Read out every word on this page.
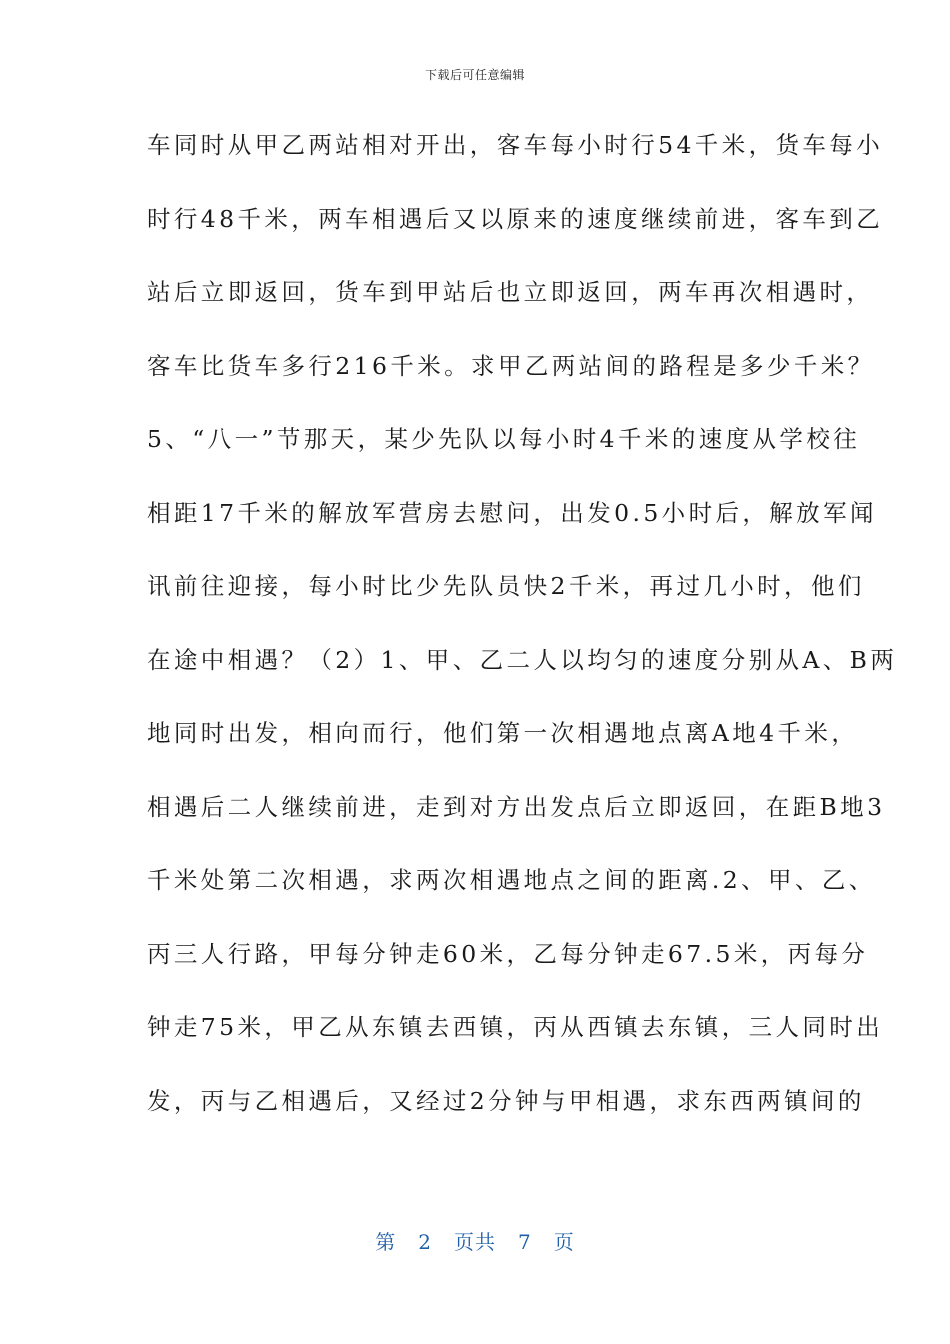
下载后可任意编辑
车同时从甲乙两站相对开出，客车每小时行54千米，货车每小
时行48千米，两车相遇后又以原来的速度继续前进，客车到乙
站后立即返回，货车到甲站后也立即返回，两车再次相遇时，
客车比货车多行216千米。求甲乙两站间的路程是多少千米？
5、“八一”节那天，某少先队以每小时4千米的速度从学校往
相距17千米的解放军营房去慰问，出发0.5小时后，解放军闻
讯前往迎接，每小时比少先队员快2千米，再过几小时，他们
在途中相遇？（2）1、甲、乙二人以均匀的速度分别从A、B两
地同时出发，相向而行，他们第一次相遇地点离A地4千米，
相遇后二人继续前进，走到对方出发点后立即返回，在距B地3
千米处第二次相遇，求两次相遇地点之间的距离.2、甲、乙、
丙三人行路，甲每分钟走60米，乙每分钟走67.5米，丙每分
钟走75米，甲乙从东镇去西镇，丙从西镇去东镇，三人同时出
发，丙与乙相遇后，又经过2分钟与甲相遇，求东西两镇间的
第 2 页共 7 页
